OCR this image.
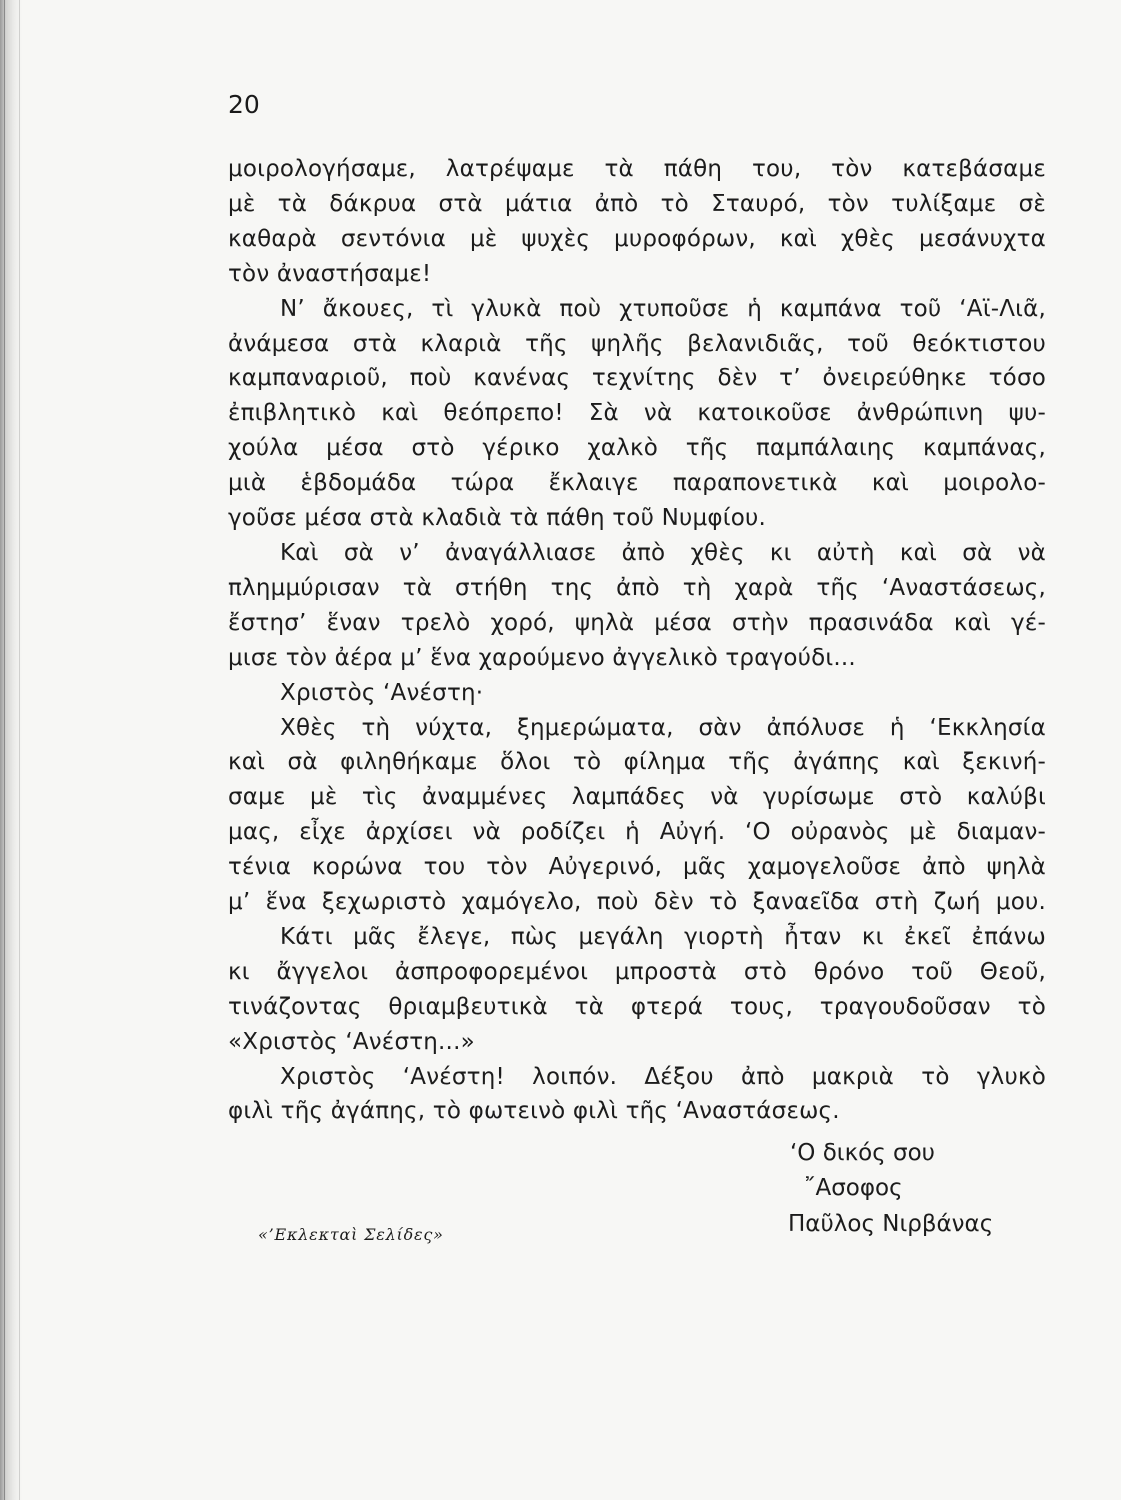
20
μοιρολογήσαμε, λατρέψαμε τὰ πάθη του, τὸν κατεβάσαμε
μὲ τὰ δάκρυα στὰ μάτια ἀπὸ τὸ Σταυρό, τὸν τυλίξαμε σὲ
καθαρὰ σεντόνια μὲ ψυχὲς μυροφόρων, καὶ χθὲς μεσάνυχτα
τὸν ἀναστήσαμε!
Ν’ ἄκουες, τὶ γλυκὰ ποὺ χτυποῦσε ἡ καμπάνα τοῦ ‘Αϊ-Λιᾶ,
ἀνάμεσα στὰ κλαριὰ τῆς ψηλῆς βελανιδιᾶς, τοῦ θεόκτιστου
καμπαναριοῦ, ποὺ κανένας τεχνίτης δὲν τ’ ὀνειρεύθηκε τόσο
ἐπιβλητικὸ καὶ θεόπρεπο! Σὰ νὰ κατοικοῦσε ἀνθρώπινη ψυ-
χούλα μέσα στὸ γέρικο χαλκὸ τῆς παμπάλαιης καμπάνας,
μιὰ ἑβδομάδα τώρα ἔκλαιγε παραπονετικὰ καὶ μοιρολο-
γοῦσε μέσα στὰ κλαδιὰ τὰ πάθη τοῦ Νυμφίου.
Καὶ σὰ ν’ ἀναγάλλιασε ἀπὸ χθὲς κι αὐτὴ καὶ σὰ νὰ
πλημμύρισαν τὰ στήθη της ἀπὸ τὴ χαρὰ τῆς ‘Αναστάσεως,
ἔστησ’ ἕναν τρελὸ χορό, ψηλὰ μέσα στὴν πρασινάδα καὶ γέ-
μισε τὸν ἀέρα μ’ ἕνα χαρούμενο ἀγγελικὸ τραγούδι...
Χριστὸς ‘Ανέστη·
Χθὲς τὴ νύχτα, ξημερώματα, σὰν ἀπόλυσε ἡ ‘Εκκλησία
καὶ σὰ φιληθήκαμε ὅλοι τὸ φίλημα τῆς ἀγάπης καὶ ξεκινή-
σαμε μὲ τὶς ἀναμμένες λαμπάδες νὰ γυρίσωμε στὸ καλύβι
μας, εἶχε ἀρχίσει νὰ ροδίζει ἡ Αὐγή. ‘Ο οὐρανὸς μὲ διαμαν-
τένια κορώνα του τὸν Αὐγερινό, μᾶς χαμογελοῦσε ἀπὸ ψηλὰ
μ’ ἕνα ξεχωριστὸ χαμόγελο, ποὺ δὲν τὸ ξαναεῖδα στὴ ζωή μου.
Κάτι μᾶς ἔλεγε, πὼς μεγάλη γιορτὴ ἦταν κι ἐκεῖ ἐπάνω
κι ἄγγελοι ἀσπροφορεμένοι μπροστὰ στὸ θρόνο τοῦ Θεοῦ,
τινάζοντας θριαμβευτικὰ τὰ φτερά τους, τραγουδοῦσαν τὸ
«Χριστὸς ‘Ανέστη...»
Χριστὸς ‘Ανέστη! λοιπόν. Δέξου ἀπὸ μακριὰ τὸ γλυκὸ
φιλὶ τῆς ἀγάπης, τὸ φωτεινὸ φιλὶ τῆς ‘Αναστάσεως.
‘Ο δικός σου
῎Ασοφος
Παῦλος Νιρβάνας
«’Εκλεκταὶ Σελίδες»
